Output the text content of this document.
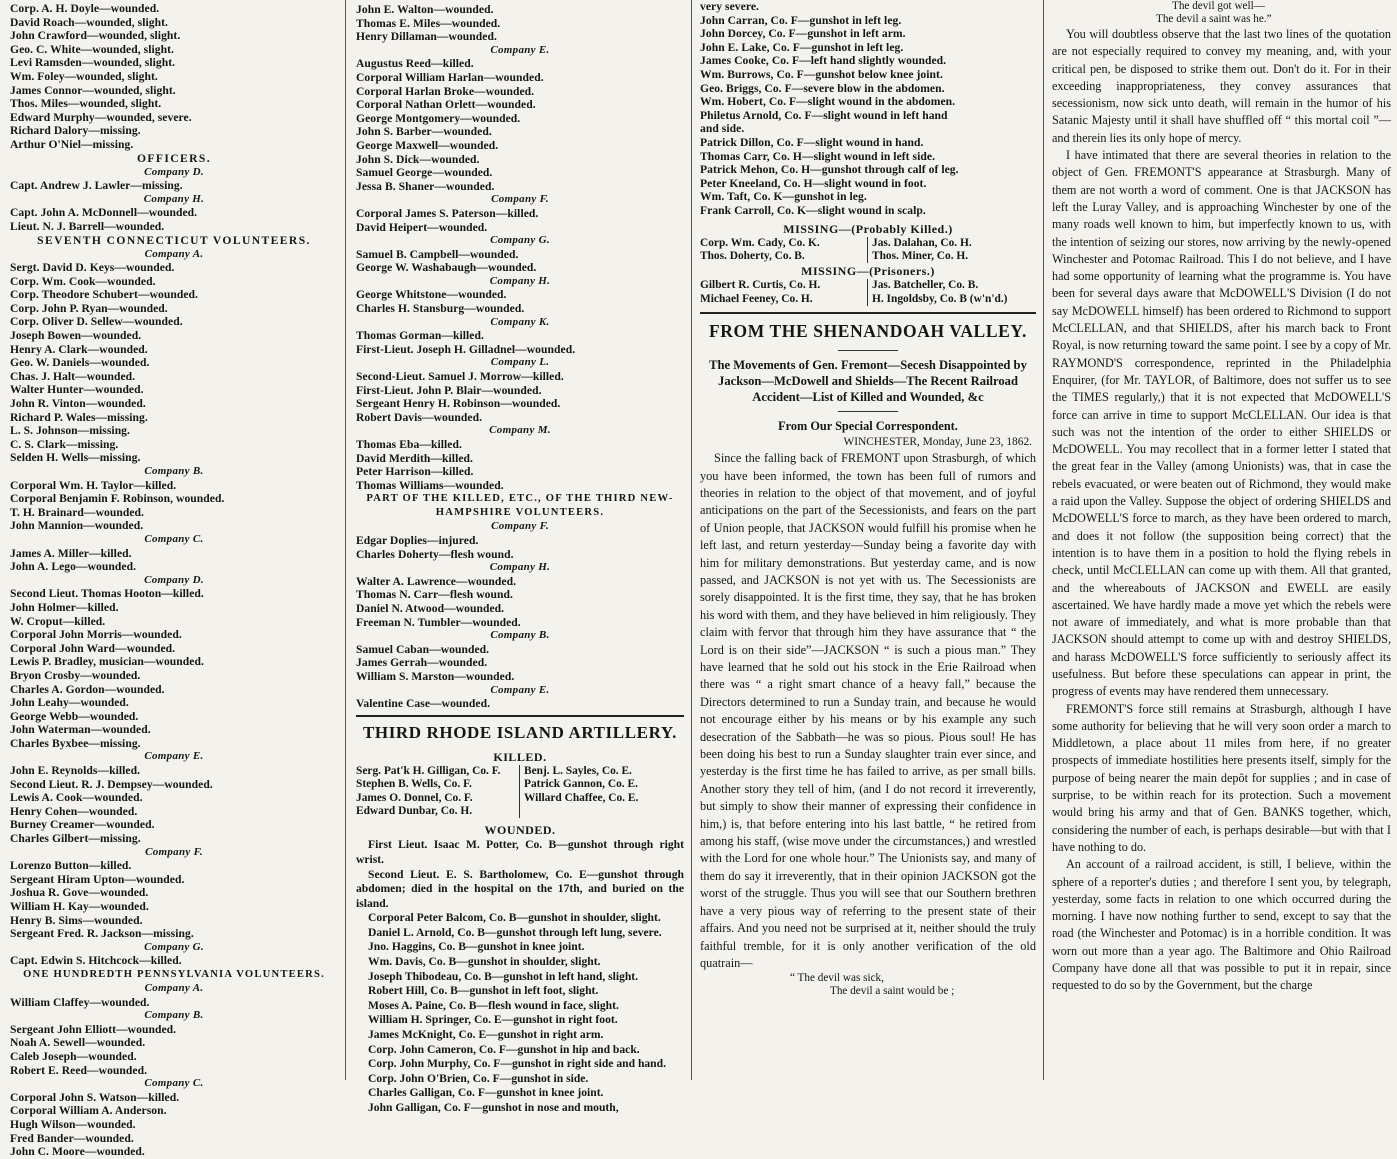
Corp. A. H. Doyle—wounded.
David Roach—wounded, slight.
John Crawford—wounded, slight.
Geo. C. White—wounded, slight.
Levi Ramsden—wounded, slight.
Wm. Foley—wounded, slight.
James Connor—wounded, slight.
Thos. Miles—wounded, slight.
Edward Murphy—wounded, severe.
Richard Dalory—missing.
Arthur O'Niel—missing.
OFFICERS.
Company D.
Capt. Andrew J. Lawler—missing.
Company H.
Capt. John A. McDonnell—wounded.
Lieut. N. J. Barrell—wounded.
SEVENTH CONNECTICUT VOLUNTEERS.
Company A.
Sergt. David D. Keys—wounded.
Corp. Wm. Cook—wounded.
Corp. Theodore Schubert—wounded.
Corp. John P. Ryan—wounded.
Corp. Oliver D. Sellew—wounded.
Joseph Bowen—wounded.
Henry A. Clark—wounded.
Geo. W. Daniels—wounded.
Chas. J. Halt—wounded.
Walter Hunter—wounded.
John R. Vinton—wounded.
Richard P. Wales—missing.
L. S. Johnson—missing.
C. S. Clark—missing.
Selden H. Wells—missing.
Company B.
Corporal Wm. H. Taylor—killed.
Corporal Benjamin F. Robinson, wounded.
T. H. Brainard—wounded.
John Mannion—wounded.
Company C.
James A. Miller—killed.
John A. Lego—wounded.
Company D.
Second Lieut. Thomas Hooton—killed.
John Holmer—killed.
W. Croput—killed.
Corporal John Morris—wounded.
Corporal John Ward—wounded.
Lewis P. Bradley, musician—wounded.
Bryon Crosby—wounded.
Charles A. Gordon—wounded.
John Leahy—wounded.
George Webb—wounded.
John Waterman—wounded.
Charles Byxbee—missing.
Company E.
John E. Reynolds—killed.
Second Lieut. R. J. Dempsey—wounded.
Lewis A. Cook—wounded.
Henry Cohen—wounded.
Burney Creamer—wounded.
Charles Gilbert—missing.
Company F.
Lorenzo Button—killed.
Sergeant Hiram Upton—wounded.
Joshua R. Gove—wounded.
William H. Kay—wounded.
Henry B. Sims—wounded.
Sergeant Fred. R. Jackson—missing.
Company G.
Capt. Edwin S. Hitchcock—killed.
ONE HUNDREDTH PENNSYLVANIA VOLUNTEERS.
Company A.
William Claffey—wounded.
Company B.
Sergeant John Elliott—wounded.
Noah A. Sewell—wounded.
Caleb Joseph—wounded.
Robert E. Reed—wounded.
Company C.
Corporal John S. Watson—killed.
Corporal William A. Anderson.
Hugh Wilson—wounded.
Fred Bander—wounded.
John C. Moore—wounded.
John E. Walton—wounded.
Thomas E. Miles—wounded.
Henry Dillaman—wounded.
Company E.
Augustus Reed—killed.
Corporal William Harlan—wounded.
Corporal Harlan Broke—wounded.
Corporal Nathan Orlett—wounded.
George Montgomery—wounded.
John S. Barber—wounded.
George Maxwell—wounded.
John S. Dick—wounded.
Samuel George—wounded.
Jessa B. Shaner—wounded.
Company F.
Corporal James S. Paterson—killed.
David Heipert—wounded.
Company G.
Samuel B. Campbell—wounded.
George W. Washabaugh—wounded.
Company H.
George Whitstone—wounded.
Charles H. Stansburg—wounded.
Company K.
Thomas Gorman—killed.
First-Lieut. Joseph H. Gilladnel—wounded.
Company L.
Second-Lieut. Samuel J. Morrow—killed.
First-Lieut. John P. Blair—wounded.
Sergeant Henry H. Robinson—wounded.
Robert Davis—wounded.
Company M.
Thomas Eba—killed.
David Merdith—killed.
Peter Harrison—killed.
Thomas Williams—wounded.
PART OF THE KILLED, ETC., OF THE THIRD NEW-
HAMPSHIRE VOLUNTEERS.
Company F.
Edgar Doplies—injured.
Charles Doherty—flesh wound.
Company H.
Walter A. Lawrence—wounded.
Thomas N. Carr—flesh wound.
Daniel N. Atwood—wounded.
Freeman N. Tumbler—wounded.
Company B.
Samuel Caban—wounded.
James Gerrah—wounded.
William S. Marston—wounded.
Company E.
Valentine Case—wounded.
THIRD RHODE ISLAND ARTILLERY.
KILLED.
Serg. Pat'k H. Gilligan, Co. F.
Stephen B. Wells, Co. F.
James O. Donnel, Co. F.
Edward Dunbar, Co. H.
Benj. L. Sayles, Co. E.
Patrick Gannon, Co. E.
Willard Chaffee, Co. E.

WOUNDED.
First Lieut. Isaac M. Potter, Co. B—gunshot through right wrist.
Second Lieut. E. S. Bartholomew, Co. E—gunshot through abdomen; died in the hospital on the 17th, and buried on the island.
Corporal Peter Balcom, Co. B—gunshot in shoulder, slight.
Daniel L. Arnold, Co. B—gunshot through left lung, severe.
Jno. Haggins, Co. B—gunshot in knee joint.
Wm. Davis, Co. B—gunshot in shoulder, slight.
Joseph Thibodeau, Co. B—gunshot in left hand, slight.
Robert Hill, Co. B—gunshot in left foot, slight.
Moses A. Paine, Co. B—flesh wound in face, slight.
William H. Springer, Co. E—gunshot in right foot.
James McKnight, Co. E—gunshot in right arm.
Corp. John Cameron, Co. F—gunshot in hip and back.
Corp. John Murphy, Co. F—gunshot in right side and hand.
Corp. John O'Brien, Co. F—gunshot in side.
Charles Galligan, Co. F—gunshot in knee joint.
John Galligan, Co. F—gunshot in nose and mouth,
very severe.
John Carran, Co. F—gunshot in left leg.
John Dorcey, Co. F—gunshot in left arm.
John E. Lake, Co. F—gunshot in left leg.
James Cooke, Co. F—left hand slightly wounded.
Wm. Burrows, Co. F—gunshot below knee joint.
Geo. Briggs, Co. F—severe blow in the abdomen.
Wm. Hobert, Co. F—slight wound in the abdomen.
Philetus Arnold, Co. F—slight wound in left hand
and side.
Patrick Dillon, Co. F—slight wound in hand.
Thomas Carr, Co. H—slight wound in left side.
Patrick Mehon, Co. H—gunshot through calf of leg.
Peter Kneeland, Co. H—slight wound in foot.
Wm. Taft, Co. K—gunshot in leg.
Frank Carroll, Co. K—slight wound in scalp.
MISSING—(Probably Killed.)
Corp. Wm. Cady, Co. K.
Thos. Doherty, Co. B.
Jas. Dalahan, Co. H.
Thos. Miner, Co. H.
MISSING—(Prisoners.)
Gilbert R. Curtis, Co. H.
Michael Feeney, Co. H.
Jas. Batcheller, Co. B.
H. Ingoldsby, Co. B (w'n'd.)
FROM THE SHENANDOAH VALLEY.
The Movements of Gen. Fremont—Secesh Disappointed by Jackson—McDowell and Shields—The Recent Railroad Accident—List of Killed and Wounded, &c
From Our Special Correspondent.
WINCHESTER, Monday, June 23, 1862.
Since the falling back of FREMONT upon Strasburgh, of which you have been informed, the town has been full of rumors and theories in relation to the object of that movement, and of joyful anticipations on the part of the Secessionists, and fears on the part of Union people, that JACKSON would fulfill his promise when he left last, and return yesterday—Sunday being a favorite day with him for military demonstrations. But yesterday came, and is now passed, and JACKSON is not yet with us. The Secessionists are sorely disappointed. It is the first time, they say, that he has broken his word with them, and they have believed in him religiously. They claim with fervor that through him they have assurance that “ the Lord is on their side”—JACKSON “ is such a pious man.” They have learned that he sold out his stock in the Erie Railroad when there was “ a right smart chance of a heavy fall,” because the Directors determined to run a Sunday train, and because he would not encourage either by his means or by his example any such desecration of the Sabbath—he was so pious. Pious soul! He has been doing his best to run a Sunday slaughter train ever since, and yesterday is the first time he has failed to arrive, as per small bills. Another story they tell of him, (and I do not record it irreverently, but simply to show their manner of expressing their confidence in him,) is, that before entering into his last battle, “ he retired from among his staff, (wise move under the circumstances,) and wrestled with the Lord for one whole hour.” The Unionists say, and many of them do say it irreverently, that in their opinion JACKSON got the worst of the struggle. Thus you will see that our Southern brethren have a very pious way of referring to the present state of their affairs. And you need not be surprised at it, neither should the truly faithful tremble, for it is only another verification of the old quatrain—
“ The devil was sick,
The devil a saint would be ;
The devil got well—
The devil a saint was he.”
You will doubtless observe that the last two lines of the quotation are not especially required to convey my meaning, and, with your critical pen, be disposed to strike them out. Don't do it. For in their exceeding inappropriateness, they convey assurances that secessionism, now sick unto death, will remain in the humor of his Satanic Majesty until it shall have shuffled off “ this mortal coil ”—and therein lies its only hope of mercy.
I have intimated that there are several theories in relation to the object of Gen. FREMONT'S appearance at Strasburgh. Many of them are not worth a word of comment. One is that JACKSON has left the Luray Valley, and is approaching Winchester by one of the many roads well known to him, but imperfectly known to us, with the intention of seizing our stores, now arriving by the newly-opened Winchester and Potomac Railroad. This I do not believe, and I have had some opportunity of learning what the programme is. You have been for several days aware that McDOWELL'S Division (I do not say McDOWELL himself) has been ordered to Richmond to support McCLELLAN, and that SHIELDS, after his march back to Front Royal, is now returning toward the same point. I see by a copy of Mr. RAYMOND'S correspondence, reprinted in the Philadelphia Enquirer, (for Mr. TAYLOR, of Baltimore, does not suffer us to see the TIMES regularly,) that it is not expected that McDOWELL'S force can arrive in time to support McCLELLAN. Our idea is that such was not the intention of the order to either SHIELDS or McDOWELL. You may recollect that in a former letter I stated that the great fear in the Valley (among Unionists) was, that in case the rebels evacuated, or were beaten out of Richmond, they would make a raid upon the Valley. Suppose the object of ordering SHIELDS and McDOWELL'S force to march, as they have been ordered to march, and does it not follow (the supposition being correct) that the intention is to have them in a position to hold the flying rebels in check, until McCLELLAN can come up with them. All that granted, and the whereabouts of JACKSON and EWELL are easily ascertained. We have hardly made a move yet which the rebels were not aware of immediately, and what is more probable than that JACKSON should attempt to come up with and destroy SHIELDS, and harass McDOWELL'S force sufficiently to seriously affect its usefulness. But before these speculations can appear in print, the progress of events may have rendered them unnecessary.
FREMONT'S force still remains at Strasburgh, although I have some authority for believing that he will very soon order a march to Middletown, a place about 11 miles from here, if no greater prospects of immediate hostilities here presents itself, simply for the purpose of being nearer the main depôt for supplies ; and in case of surprise, to be within reach for its protection. Such a movement would bring his army and that of Gen. BANKS together, which, considering the number of each, is perhaps desirable—but with that I have nothing to do.
An account of a railroad accident, is still, I believe, within the sphere of a reporter's duties ; and therefore I sent you, by telegraph, yesterday, some facts in relation to one which occurred during the morning. I have now nothing further to send, except to say that the road (the Winchester and Potomac) is in a horrible condition. It was worn out more than a year ago. The Baltimore and Ohio Railroad Company have done all that was possible to put it in repair, since requested to do so by the Government, but the charge
